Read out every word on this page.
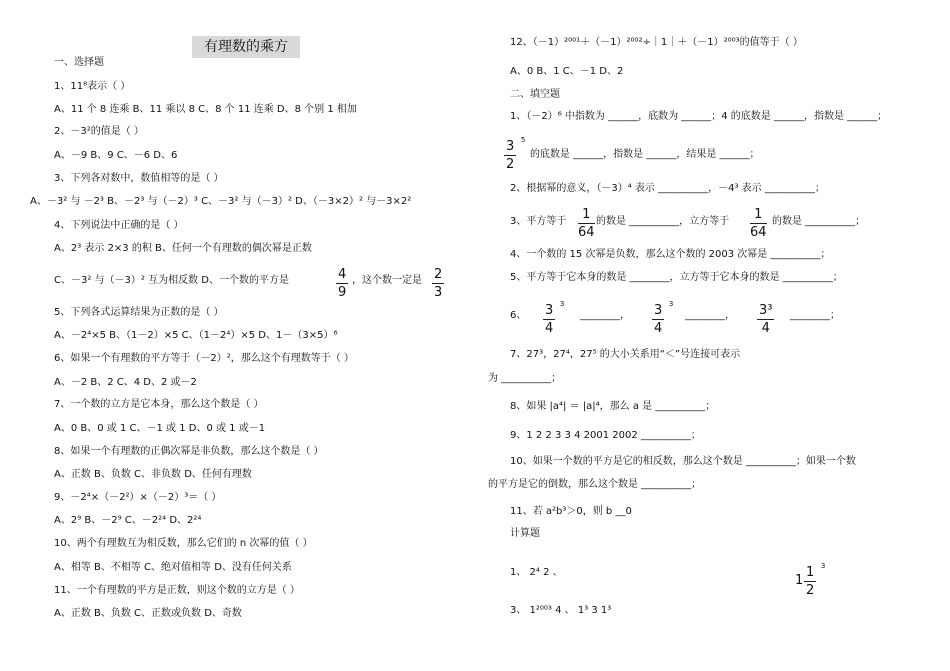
有理数的乘方
一、选择题
1、11⁸表示（ ）
A、11 个 8 连乘 B、11 乘以 8 C、8 个 11 连乘 D、8 个别 1 相加
2、－3²的值是（ ）
A、－9 B、9 C、－6 D、6
3、下列各对数中，数值相等的是（ ）
A、－3² 与 －2³ B、－2³ 与（－2）³ C、－3² 与（－3）² D、（－3×2）² 与－3×2²
4、下列说法中正确的是（ ）
A、2³ 表示 2×3 的积 B、任何一个有理数的偶次幂是正数
C、－3² 与（－3）² 互为相反数 D、一个数的平方是	，这个数一定是
5、下列各式运算结果为正数的是（ ）
A、－2⁴×5 B、（1－2）×5 C、（1－2⁴）×5 D、1－（3×5）⁶
6、如果一个有理数的平方等于（－2）²，那么这个有理数等于（ ）
A、－2 B、2 C、4 D、2 或－2
7、一个数的立方是它本身，那么这个数是（ ）
A、0 B、0 或 1 C、－1 或 1 D、0 或 1 或－1
8、如果一个有理数的正偶次幂是非负数，那么这个数是（ ）
A、正数 B、负数 C、非负数 D、任何有理数
9、－2⁴×（－2²）×（－2）³＝（ ）
A、2⁹ B、－2⁹ C、－2²⁴ D、2²⁴
10、两个有理数互为相反数，那么它们的 n 次幂的值（ ）
A、相等 B、不相等 C、绝对值相等 D、没有任何关系
11、一个有理数的平方是正数，则这个数的立方是（ ）
A、正数 B、负数 C、正数或负数 D、奇数
12、（－1）²⁰⁰¹＋（－1）²⁰⁰²÷｜1｜＋（－1）²⁰⁰³的值等于（ ）
A、0 B、1 C、－1 D、2
二、填空题
1、（－2）⁶ 中指数为 ______，底数为 ______；4 的底数是 ______，指数是 ______；
的底数是 ______，指数是 ______，结果是 ______；
2、根据幂的意义，（－3）⁴ 表示 __________，－4³ 表示 __________；
3、平方等于	的数是 __________，立方等于	的数是 __________；
4、一个数的 15 次幂是负数，那么这个数的 2003 次幂是 __________；
5、平方等于它本身的数是 ________，立方等于它本身的数是 __________；
6、	________，	________，	________；
7、27³，27⁴，27⁵ 的大小关系用“＜”号连接可表示
为 __________；
8、如果 |a⁴| ＝ |a|⁴，那么 a 是 __________；
9、1 2 2 3 3 4 2001 2002 __________；
10、如果一个数的平方是它的相反数，那么这个数是 __________；如果一个数
的平方是它的倒数，那么这个数是 __________；
11、若 a²b³＞0，则 b __0
计算题
1、 2⁴ 2 、
3、 1²⁰⁰³ 4 、 1³ 3 1³
$\frac{4}{9}$	$\frac{2}{3}$
3
2
5
$\frac{1}{64}$	$\frac{1}{64}$
3
4
3	3
4
3	$\frac{\text{3³}}{4}$
1
1
2
3
